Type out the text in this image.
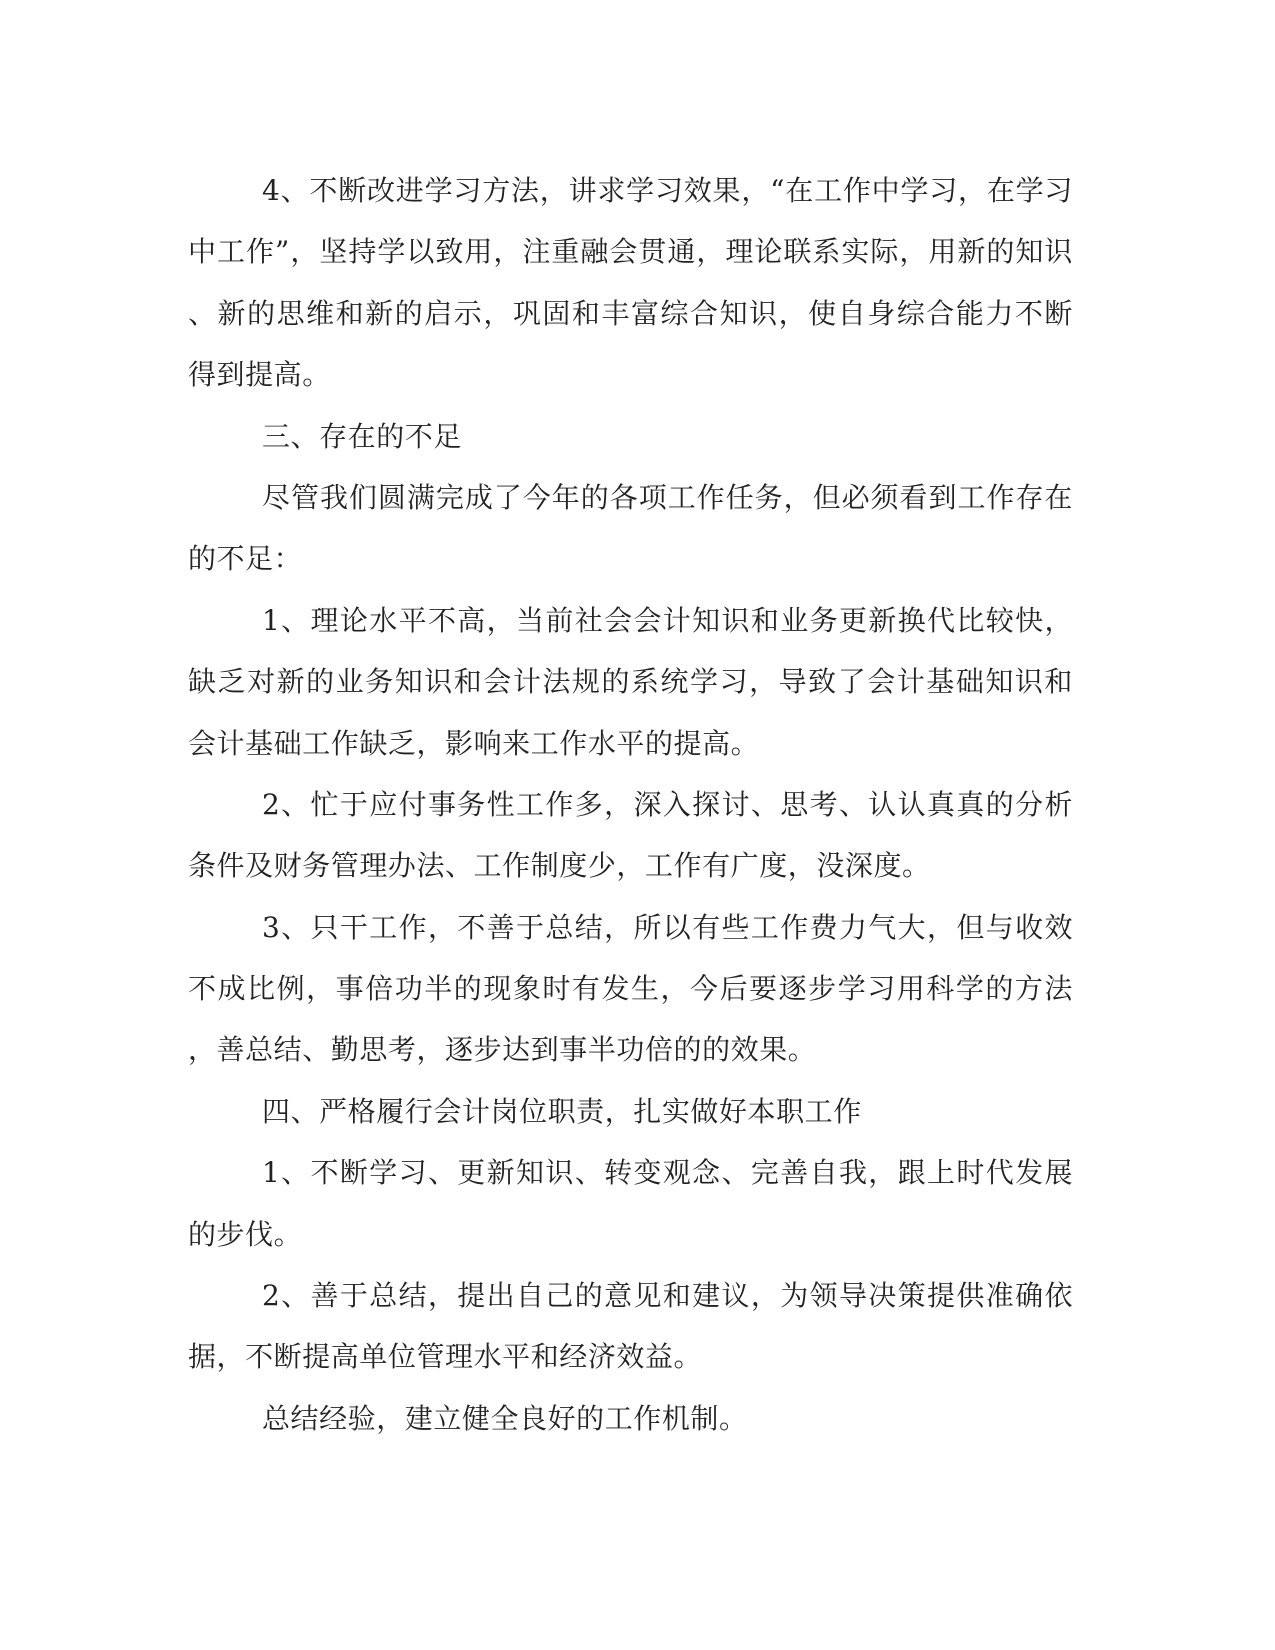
4、不断改进学习方法，讲求学习效果，“在工作中学习，在学习
中工作”，坚持学以致用，注重融会贯通，理论联系实际，用新的知识
、新的思维和新的启示，巩固和丰富综合知识，使自身综合能力不断
得到提高。
三、存在的不足
尽管我们圆满完成了今年的各项工作任务，但必须看到工作存在
的不足：
1、理论水平不高，当前社会会计知识和业务更新换代比较快，
缺乏对新的业务知识和会计法规的系统学习，导致了会计基础知识和
会计基础工作缺乏，影响来工作水平的提高。
2、忙于应付事务性工作多，深入探讨、思考、认认真真的分析
条件及财务管理办法、工作制度少，工作有广度，没深度。
3、只干工作，不善于总结，所以有些工作费力气大，但与收效
不成比例，事倍功半的现象时有发生，今后要逐步学习用科学的方法
，善总结、勤思考，逐步达到事半功倍的的效果。
四、严格履行会计岗位职责，扎实做好本职工作
1、不断学习、更新知识、转变观念、完善自我，跟上时代发展
的步伐。
2、善于总结，提出自己的意见和建议，为领导决策提供准确依
据，不断提高单位管理水平和经济效益。
总结经验，建立健全良好的工作机制。
